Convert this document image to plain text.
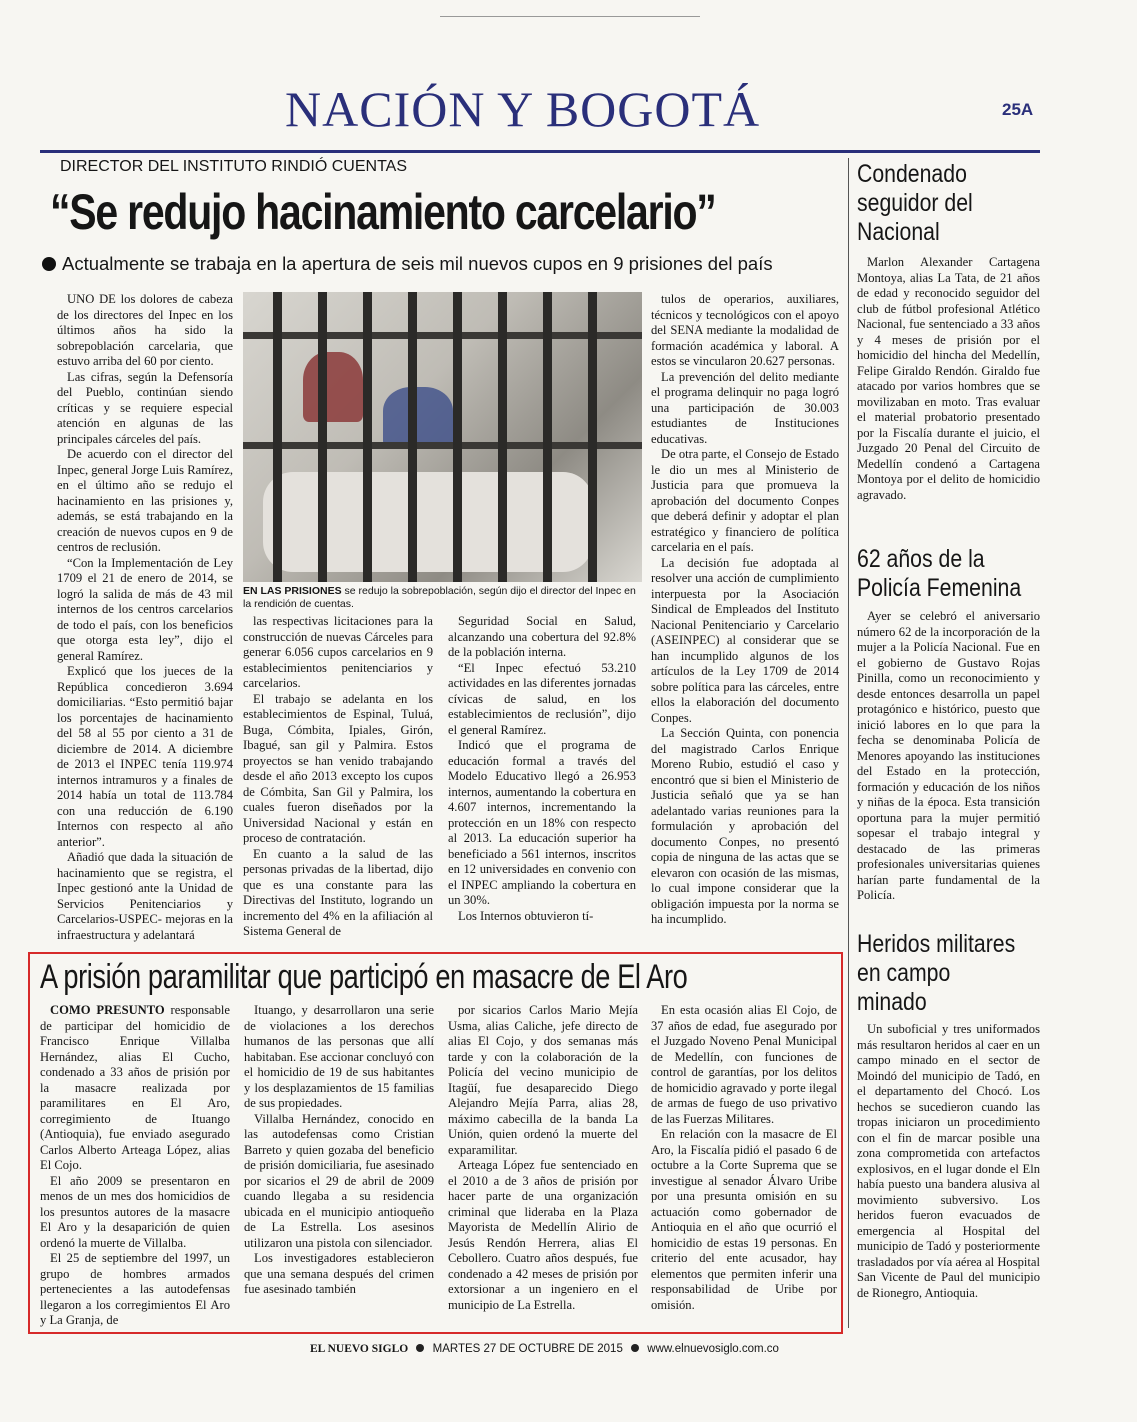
NACIÓN Y BOGOTÁ	25A
DIRECTOR DEL INSTITUTO RINDIÓ CUENTAS
“Se redujo hacinamiento carcelario”
Actualmente se trabaja en la apertura de seis mil nuevos cupos en 9 prisiones del país

UNO DE los dolores de cabeza de los directores del Inpec en los últimos años ha sido la sobrepoblación carcelaria, que estuvo arriba del 60 por ciento.

Las cifras, según la Defensoría del Pueblo, continúan siendo críticas y se requiere especial atención en algunas de las principales cárceles del país.

De acuerdo con el director del Inpec, general Jorge Luis Ramírez, en el último año se redujo el hacinamiento en las prisiones y, además, se está trabajando en la creación de nuevos cupos en 9 de centros de reclusión.

“Con la Implementación de Ley 1709 el 21 de enero de 2014, se logró la salida de más de 43 mil internos de los centros carcelarios de todo el país, con los beneficios que otorga esta ley”, dijo el general Ramírez.

Explicó que los jueces de la República concedieron 3.694 domiciliarias. “Esto permitió bajar los porcentajes de hacinamiento del 58 al 55 por ciento a 31 de diciembre de 2014. A diciembre de 2013 el INPEC tenía 119.974 internos intramuros y a finales de 2014 había un total de 113.784 con una reducción de 6.190 Internos con respecto al año anterior”.

Añadió que dada la situación de hacinamiento que se registra, el Inpec gestionó ante la Unidad de Servicios Penitenciarios y Carcelarios-USPEC- mejoras en la infraestructura y adelantará

EN LAS PRISIONES se redujo la sobrepoblación, según dijo el director del Inpec en la rendición de cuentas.

las respectivas licitaciones para la construcción de nuevas Cárceles para generar 6.056 cupos carcelarios en 9 establecimientos penitenciarios y carcelarios.

El trabajo se adelanta en los establecimientos de Espinal, Tuluá, Buga, Cómbita, Ipiales, Girón, Ibagué, san gil y Palmira. Estos proyectos se han venido trabajando desde el año 2013 excepto los cupos de Cómbita, San Gil y Palmira, los cuales fueron diseñados por la Universidad Nacional y están en proceso de contratación.

En cuanto a la salud de las personas privadas de la libertad, dijo que es una constante para las Directivas del Instituto, logrando un incremento del 4% en la afiliación al Sistema General de

Seguridad Social en Salud, alcanzando una cobertura del 92.8% de la población interna.

“El Inpec efectuó 53.210 actividades en las diferentes jornadas cívicas de salud, en los establecimientos de reclusión”, dijo el general Ramírez.

Indicó que el programa de educación formal a través del Modelo Educativo llegó a 26.953 internos, aumentando la cobertura en 4.607 internos, incrementando la protección en un 18% con respecto al 2013. La educación superior ha beneficiado a 561 internos, inscritos en 12 universidades en convenio con el INPEC ampliando la cobertura en un 30%.

Los Internos obtuvieron tí-

tulos de operarios, auxiliares, técnicos y tecnológicos con el apoyo del SENA mediante la modalidad de formación académica y laboral. A estos se vincularon 20.627 personas.

La prevención del delito mediante el programa delinquir no paga logró una participación de 30.003 estudiantes de Instituciones educativas.

De otra parte, el Consejo de Estado le dio un mes al Ministerio de Justicia para que promueva la aprobación del documento Conpes que deberá definir y adoptar el plan estratégico y financiero de política carcelaria en el país.

La decisión fue adoptada al resolver una acción de cumplimiento interpuesta por la Asociación Sindical de Empleados del Instituto Nacional Penitenciario y Carcelario (ASEINPEC) al considerar que se han incumplido algunos de los artículos de la Ley 1709 de 2014 sobre política para las cárceles, entre ellos la elaboración del documento Conpes.

La Sección Quinta, con ponencia del magistrado Carlos Enrique Moreno Rubio, estudió el caso y encontró que si bien el Ministerio de Justicia señaló que ya se han adelantado varias reuniones para la formulación y aprobación del documento Conpes, no presentó copia de ninguna de las actas que se elevaron con ocasión de las mismas, lo cual impone considerar que la obligación impuesta por la norma se ha incumplido.

Condenado
seguidor del
Nacional

Marlon Alexander Cartagena Montoya, alias La Tata, de 21 años de edad y reconocido seguidor del club de fútbol profesional Atlético Nacional, fue sentenciado a 33 años y 4 meses de prisión por el homicidio del hincha del Medellín, Felipe Giraldo Rendón. Giraldo fue atacado por varios hombres que se movilizaban en moto. Tras evaluar el material probatorio presentado por la Fiscalía durante el juicio, el Juzgado 20 Penal del Circuito de Medellín condenó a Cartagena Montoya por el delito de homicidio agravado.

62 años de la
Policía Femenina

Ayer se celebró el aniversario número 62 de la incorporación de la mujer a la Policía Nacional. Fue en el gobierno de Gustavo Rojas Pinilla, como un reconocimiento y desde entonces desarrolla un papel protagónico e histórico, puesto que inició labores en lo que para la fecha se denominaba Policía de Menores apoyando las instituciones del Estado en la protección, formación y educación de los niños y niñas de la época. Esta transición oportuna para la mujer permitió sopesar el trabajo integral y destacado de las primeras profesionales universitarias quienes harían parte fundamental de la Policía.

Heridos militares
en campo
minado

Un suboficial y tres uniformados más resultaron heridos al caer en un campo minado en el sector de Moindó del municipio de Tadó, en el departamento del Chocó. Los hechos se sucedieron cuando las tropas iniciaron un procedimiento con el fin de marcar posible una zona comprometida con artefactos explosivos, en el lugar donde el Eln había puesto una bandera alusiva al movimiento subversivo. Los heridos fueron evacuados de emergencia al Hospital del municipio de Tadó y posteriormente trasladados por vía aérea al Hospital San Vicente de Paul del municipio de Rionegro, Antioquia.

A prisión paramilitar que participó en masacre de El Aro

COMO PRESUNTO responsable de participar del homicidio de Francisco Enrique Villalba Hernández, alias El Cucho, condenado a 33 años de prisión por la masacre realizada por paramilitares en El Aro, corregimiento de Ituango (Antioquia), fue enviado asegurado Carlos Alberto Arteaga López, alias El Cojo.

El año 2009 se presentaron en menos de un mes dos homicidios de los presuntos autores de la masacre El Aro y la desaparición de quien ordenó la muerte de Villalba.

El 25 de septiembre del 1997, un grupo de hombres armados pertenecientes a las autodefensas llegaron a los corregimientos El Aro y La Granja, de

Ituango, y desarrollaron una serie de violaciones a los derechos humanos de las personas que allí habitaban. Ese accionar concluyó con el homicidio de 19 de sus habitantes y los desplazamientos de 15 familias de sus propiedades.

Villalba Hernández, conocido en las autodefensas como Cristian Barreto y quien gozaba del beneficio de prisión domiciliaria, fue asesinado por sicarios el 29 de abril de 2009 cuando llegaba a su residencia ubicada en el municipio antioqueño de La Estrella. Los asesinos utilizaron una pistola con silenciador.

Los investigadores establecieron que una semana después del crimen fue asesinado también

por sicarios Carlos Mario Mejía Usma, alias Caliche, jefe directo de alias El Cojo, y dos semanas más tarde y con la colaboración de la Policía del vecino municipio de Itagüí, fue desaparecido Diego Alejandro Mejía Parra, alias 28, máximo cabecilla de la banda La Unión, quien ordenó la muerte del exparamilitar.

Arteaga López fue sentenciado en el 2010 a de 3 años de prisión por hacer parte de una organización criminal que lideraba en la Plaza Mayorista de Medellín Alirio de Jesús Rendón Herrera, alias El Cebollero. Cuatro años después, fue condenado a 42 meses de prisión por extorsionar a un ingeniero en el municipio de La Estrella.

En esta ocasión alias El Cojo, de 37 años de edad, fue asegurado por el Juzgado Noveno Penal Municipal de Medellín, con funciones de control de garantías, por los delitos de homicidio agravado y porte ilegal de armas de fuego de uso privativo de las Fuerzas Militares.

En relación con la masacre de El Aro, la Fiscalía pidió el pasado 6 de octubre a la Corte Suprema que se investigue al senador Álvaro Uribe por una presunta omisión en su actuación como gobernador de Antioquia en el año que ocurrió el homicidio de estas 19 personas. En criterio del ente acusador, hay elementos que permiten inferir una responsabilidad de Uribe por omisión.

EL NUEVO SIGLO MARTES 27 DE OCTUBRE DE 2015 www.elnuevosiglo.com.co
